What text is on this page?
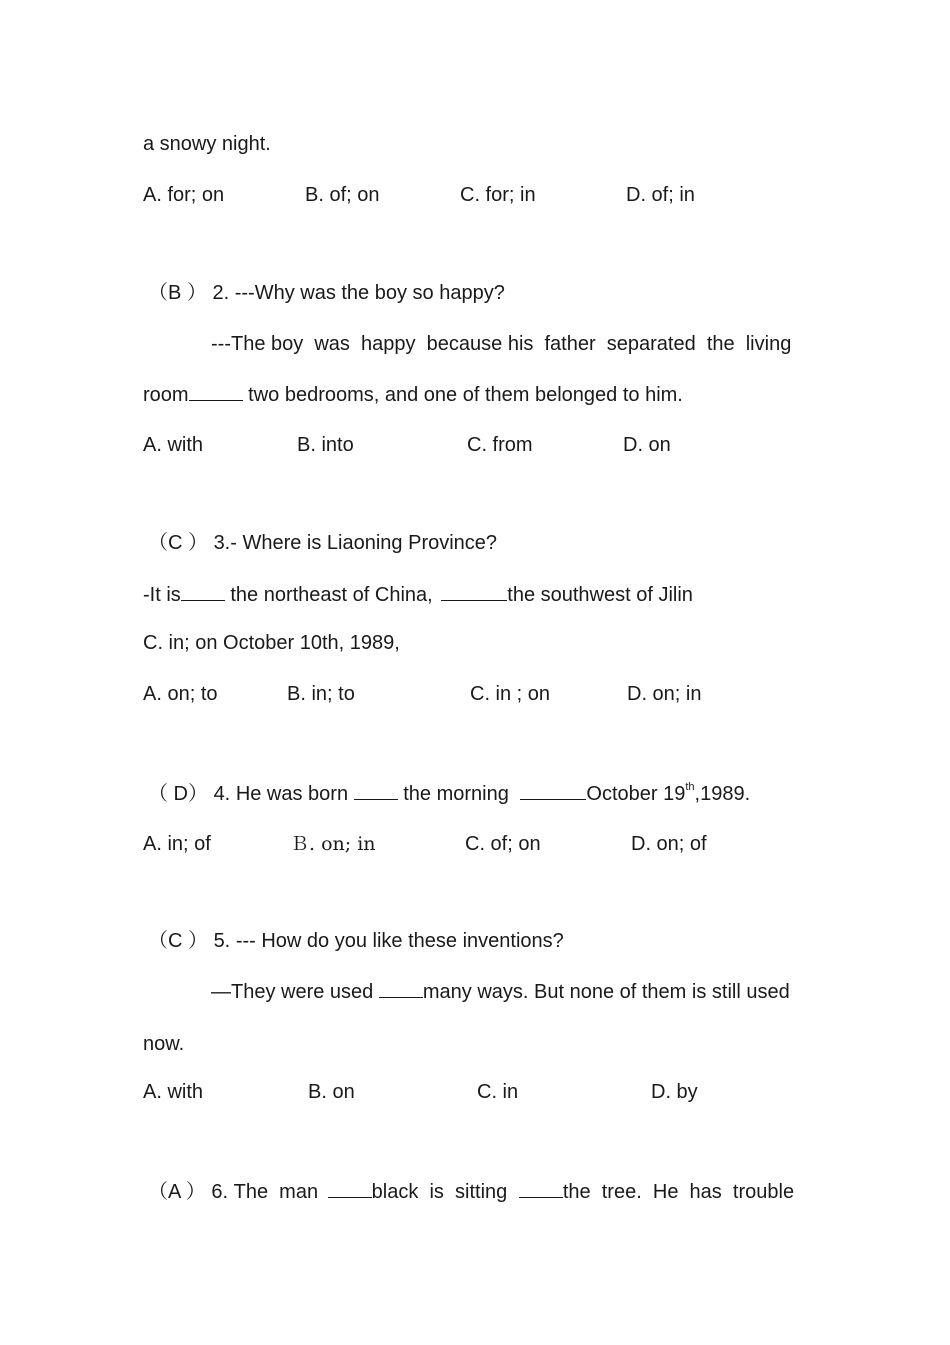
a snowy night.
A. for; on	B. of; on	C. for; in	D. of; in
（B ） 2. ---Why was the boy so happy?
---The boy  was  happy  because his  father  separated  the  living
room	two bedrooms, and one of them belonged to him.
A. with	B. into	C. from	D. on
（C ） 3.- Where is Liaoning Province?
-It is the northeast of China,	the southwest of Jilin
C. in; on October 10th, 1989,
A. on; to	B. in; to	C. in ; on	D. on; in
（ D） 4. He was born	the morning	October 19th,1989.
A. in; of	Ｂ. on; in	C. of; on	D. on; of
（C ） 5. --- How do you like these inventions?
—They were used many ways. But none of them is still used
now.
A. with	B. on	C. in	D. by
（A ） 6. The  man	black  is  sitting	the  tree.  He  has  trouble
